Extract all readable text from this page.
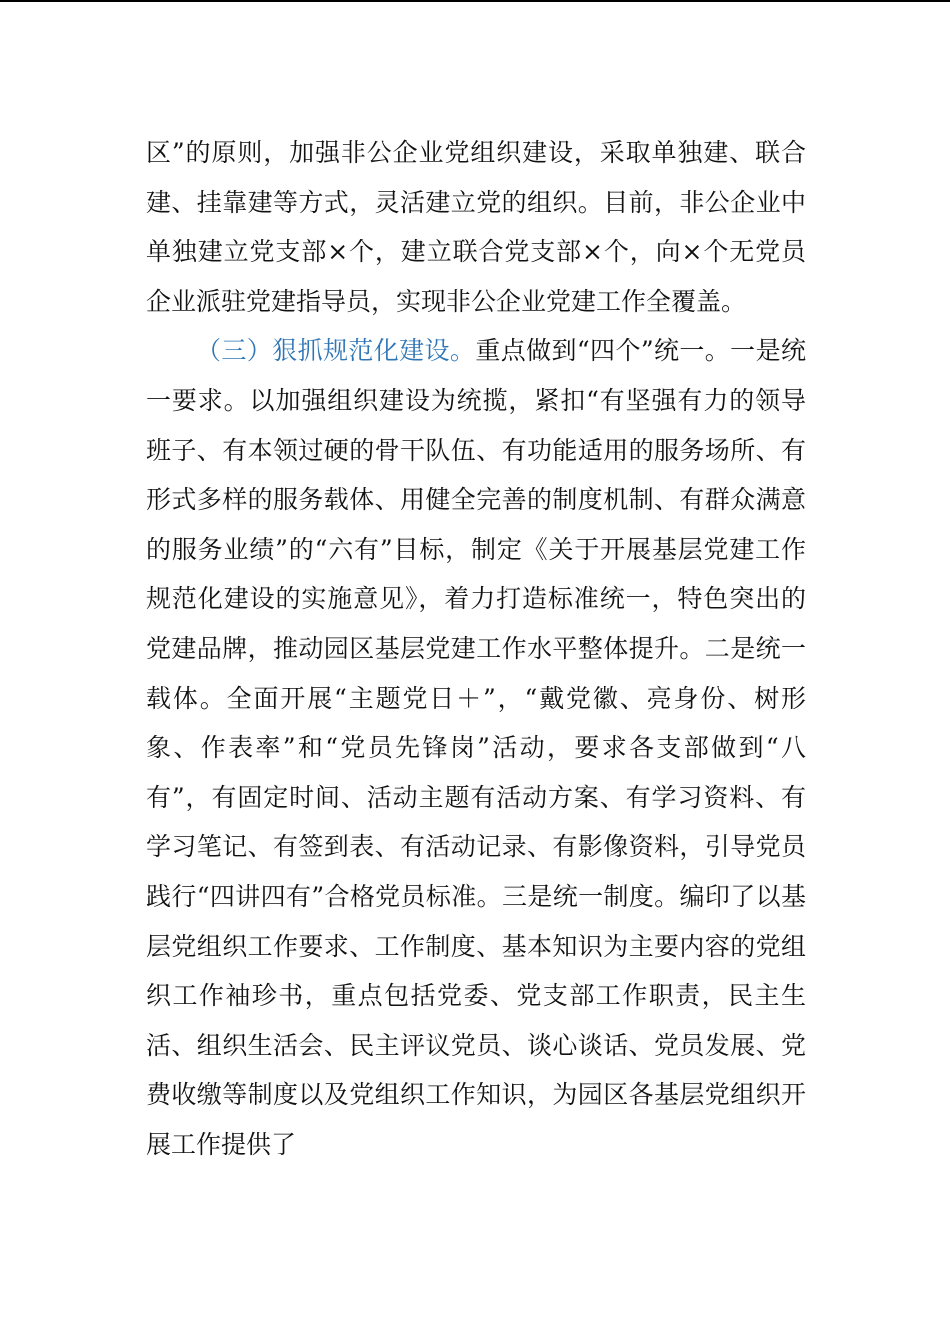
区”的原则，加强非公企业党组织建设，采取单独建、联合建、挂靠建等方式，灵活建立党的组织。目前，非公企业中单独建立党支部×个，建立联合党支部×个，向×个无党员企业派驻党建指导员，实现非公企业党建工作全覆盖。

（三）狠抓规范化建设。重点做到“四个”统一。一是统一要求。以加强组织建设为统揽，紧扣“有坚强有力的领导班子、有本领过硬的骨干队伍、有功能适用的服务场所、有形式多样的服务载体、用健全完善的制度机制、有群众满意的服务业绩”的“六有”目标，制定《关于开展基层党建工作规范化建设的实施意见》，着力打造标准统一，特色突出的党建品牌，推动园区基层党建工作水平整体提升。二是统一载体。全面开展“主题党日＋”，“戴党徽、亮身份、树形象、作表率”和“党员先锋岗”活动，要求各支部做到“八有”，有固定时间、活动主题有活动方案、有学习资料、有学习笔记、有签到表、有活动记录、有影像资料，引导党员践行“四讲四有”合格党员标准。三是统一制度。编印了以基层党组织工作要求、工作制度、基本知识为主要内容的党组织工作袖珍书，重点包括党委、党支部工作职责，民主生活、组织生活会、民主评议党员、谈心谈话、党员发展、党费收缴等制度以及党组织工作知识，为园区各基层党组织开展工作提供了
